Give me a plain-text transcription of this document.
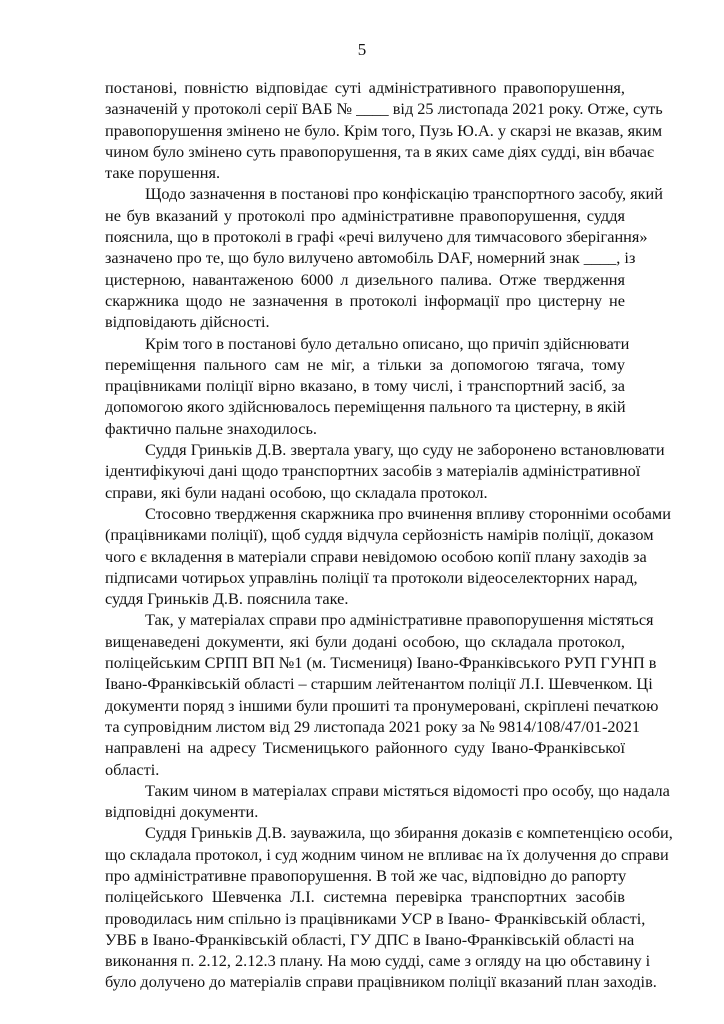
5
постанові, повністю відповідає суті адміністративного правопорушення,
зазначеній у протоколі серії ВАБ № ____ від 25 листопада 2021 року. Отже, суть
правопорушення змінено не було. Крім того, Пузь Ю.А. у скарзі не вказав, яким
чином було змінено суть правопорушення, та в яких саме діях судді, він вбачає
таке порушення.
Щодо зазначення в постанові про конфіскацію транспортного засобу, який
не був вказаний у протоколі про адміністративне правопорушення, суддя
пояснила, що в протоколі в графі «речі вилучено для тимчасового зберігання»
зазначено про те, що було вилучено автомобіль DAF, номерний знак ____, із
цистерною, навантаженою 6000 л дизельного палива. Отже твердження
скаржника щодо не зазначення в протоколі інформації про цистерну не
відповідають дійсності.
Крім того в постанові було детально описано, що причіп здійснювати
переміщення пального сам не міг, а тільки за допомогою тягача, тому
працівниками поліції вірно вказано, в тому числі, і транспортний засіб, за
допомогою якого здійснювалось переміщення пального та цистерну, в якій
фактично пальне знаходилось.
Суддя Гриньків Д.В. звертала увагу, що суду не заборонено встановлювати
ідентифікуючі дані щодо транспортних засобів з матеріалів адміністративної
справи, які були надані особою, що складала протокол.
Стосовно твердження скаржника про вчинення впливу сторонніми особами
(працівниками поліції), щоб суддя відчула серйозність намірів поліції, доказом
чого є вкладення в матеріали справи невідомою особою копії плану заходів за
підписами чотирьох управлінь поліції та протоколи відеоселекторних нарад,
суддя Гриньків Д.В. пояснила таке.
Так, у матеріалах справи про адміністративне правопорушення містяться
вищенаведені документи, які були додані особою, що складала протокол,
поліцейським СРПП ВП №1 (м. Тисмениця) Івано-Франківського РУП ГУНП в
Івано-Франківській області – старшим лейтенантом поліції Л.І. Шевченком. Ці
документи поряд з іншими були прошиті та пронумеровані, скріплені печаткою
та супровідним листом від 29 листопада 2021 року за № 9814/108/47/01-2021
направлені на адресу Тисменицького районного суду Івано-Франківської
області.
Таким чином в матеріалах справи містяться відомості про особу, що надала
відповідні документи.
Суддя Гриньків Д.В. зауважила, що збирання доказів є компетенцією особи,
що складала протокол, і суд жодним чином не впливає на їх долучення до справи
про адміністративне правопорушення. В той же час, відповідно до рапорту
поліцейського Шевченка Л.І. системна перевірка транспортних засобів
проводилась ним спільно із працівниками УСР в Івано- Франківській області,
УВБ в Івано-Франківській області, ГУ ДПС в Івано-Франківській області на
виконання п. 2.12, 2.12.3 плану. На мою судді, саме з огляду на цю обставину і
було долучено до матеріалів справи працівником поліції вказаний план заходів.
